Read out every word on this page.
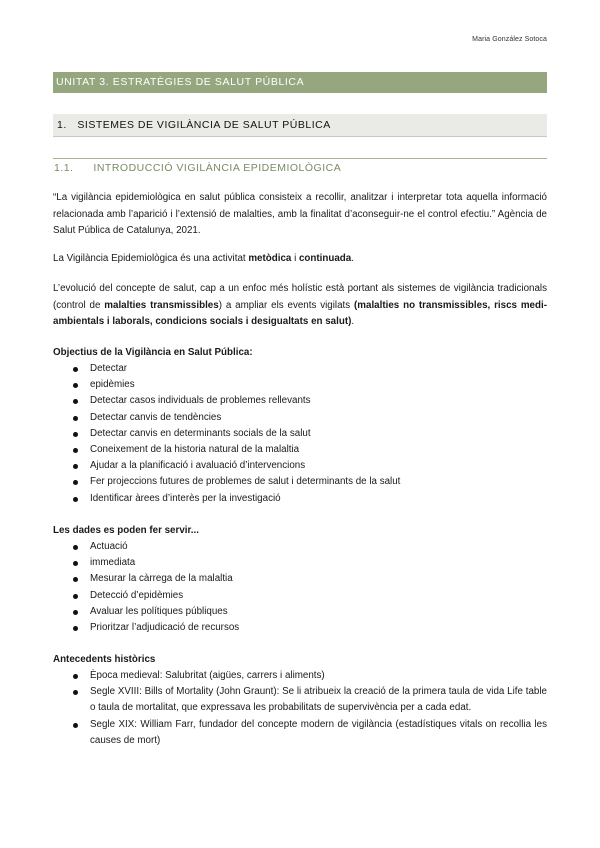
Maria González Sotoca
UNITAT 3. ESTRATÈGIES DE SALUT PÚBLICA
1. SISTEMES DE VIGILÀNCIA DE SALUT PÚBLICA
1.1. INTRODUCCIÓ VIGILÀNCIA EPIDEMIOLÒGICA
“La vigilància epidemiològica en salut pública consisteix a recollir, analitzar i interpretar tota aquella informació relacionada amb l’aparició i l’extensió de malalties, amb la finalitat d’aconseguir-ne el control efectiu.” Agència de Salut Pública de Catalunya, 2021.
La Vigilància Epidemiològica és una activitat metòdica i continuada.
L’evolució del concepte de salut, cap a un enfoc més holístic està portant als sistemes de vigilància tradicionals (control de malalties transmissibles) a ampliar els events vigilats (malalties no transmissibles, riscs medi-ambientals i laborals, condicions socials i desigualtats en salut).
Objectius de la Vigilància en Salut Pública:
Detectar
epidèmies
Detectar casos individuals de problemes rellevants
Detectar canvis de tendències
Detectar canvis en determinants socials de la salut
Coneixement de la historia natural de la malaltia
Ajudar a la planificació i avaluació d’intervencions
Fer projeccions futures de problemes de salut i determinants de la salut
Identificar àrees d’interès per la investigació
Les dades es poden fer servir...
Actuació
immediata
Mesurar la càrrega de la malaltia
Detecció d’epidèmies
Avaluar les polítiques públiques
Prioritzar l’adjudicació de recursos
Antecedents històrics
Època medieval: Salubritat (aigües, carrers i aliments)
Segle XVIII: Bills of Mortality (John Graunt): Se li atribueix la creació de la primera taula de vida Life table o taula de mortalitat, que expressava les probabilitats de supervivència per a cada edat.
Segle XIX: William Farr, fundador del concepte modern de vigilància (estadístiques vitals on recollia les causes de mort)
